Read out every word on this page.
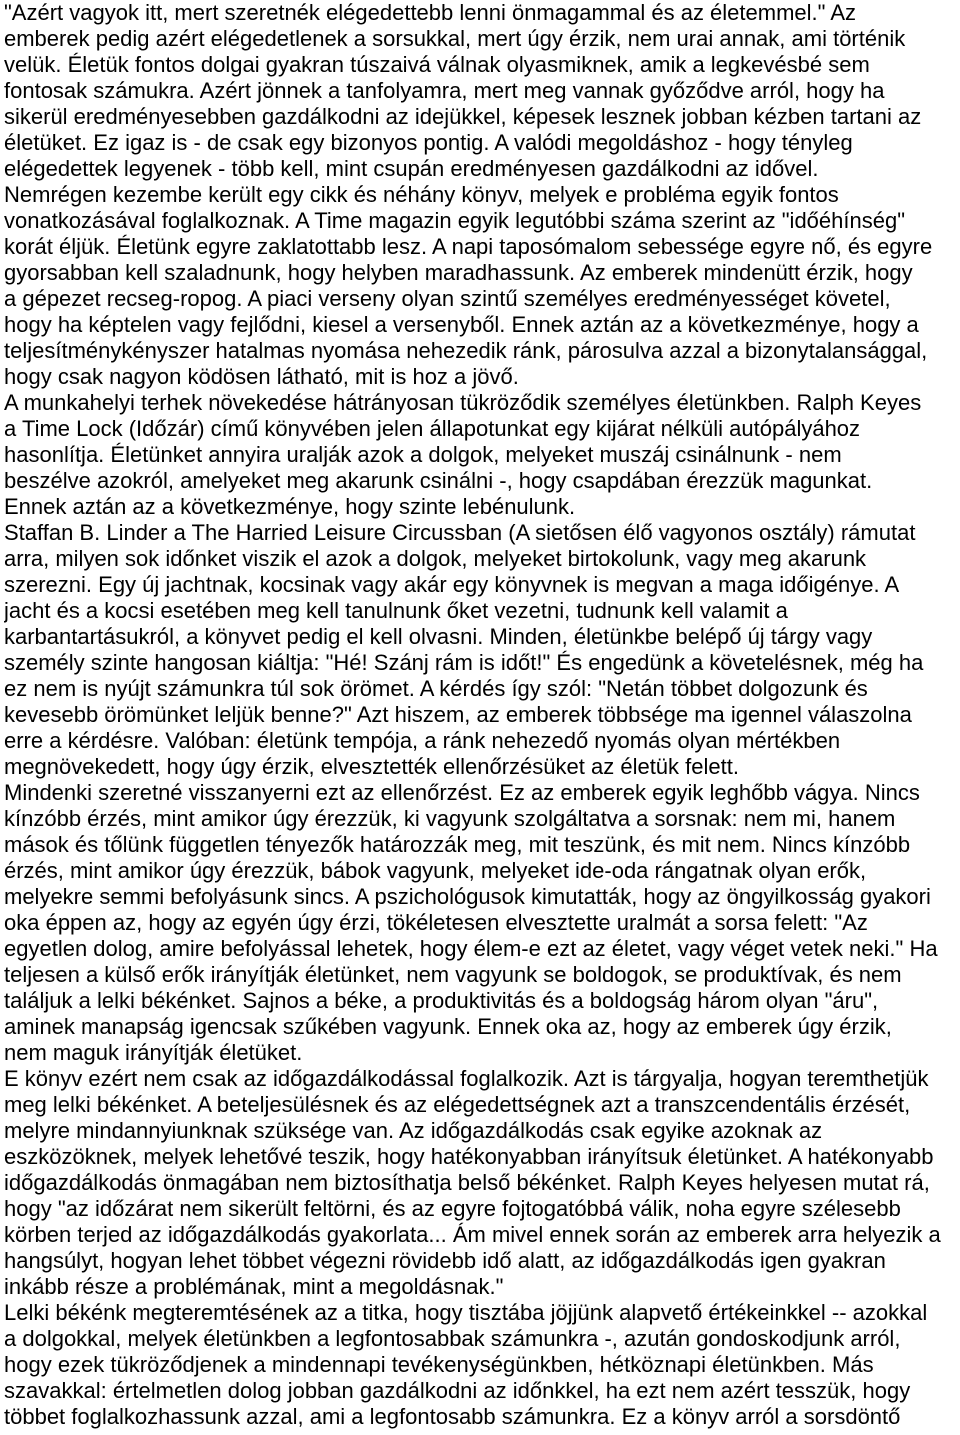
"Azért vagyok itt, mert szeretnék elégedettebb lenni önmagammal és az életemmel." Az
emberek pedig azért elégedetlenek a sorsukkal, mert úgy érzik, nem urai annak, ami történik
velük. Életük fontos dolgai gyakran túszaivá válnak olyasmiknek, amik a legkevésbé sem
fontosak számukra. Azért jönnek a tanfolyamra, mert meg vannak győződve arról, hogy ha
sikerül eredményesebben gazdálkodni az idejükkel, képesek lesznek jobban kézben tartani az
életüket. Ez igaz is - de csak egy bizonyos pontig. A valódi megoldáshoz - hogy tényleg
elégedettek legyenek - több kell, mint csupán eredményesen gazdálkodni az idővel.
Nemrégen kezembe került egy cikk és néhány könyv, melyek e probléma egyik fontos
vonatkozásával foglalkoznak. A Time magazin egyik legutóbbi száma szerint az "időéhínség"
korát éljük. Életünk egyre zaklatottabb lesz. A napi taposómalom sebessége egyre nő, és egyre
gyorsabban kell szaladnunk, hogy helyben maradhassunk. Az emberek mindenütt érzik, hogy
a gépezet recseg-ropog. A piaci verseny olyan szintű személyes eredményességet követel,
hogy ha képtelen vagy fejlődni, kiesel a versenyből. Ennek aztán az a következménye, hogy a
teljesítménykényszer hatalmas nyomása nehezedik ránk, párosulva azzal a bizonytalansággal,
hogy csak nagyon ködösen látható, mit is hoz a jövő.
A munkahelyi terhek növekedése hátrányosan tükröződik személyes életünkben. Ralph Keyes
a Time Lock (Időzár) című könyvében jelen állapotunkat egy kijárat nélküli autópályához
hasonlítja. Életünket annyira uralják azok a dolgok, melyeket muszáj csinálnunk - nem
beszélve azokról, amelyeket meg akarunk csinálni -, hogy csapdában érezzük magunkat.
Ennek aztán az a következménye, hogy szinte lebénulunk.
Staffan B. Linder a The Harried Leisure Circussban (A sietősen élő vagyonos osztály) rámutat
arra, milyen sok időnket viszik el azok a dolgok, melyeket birtokolunk, vagy meg akarunk
szerezni. Egy új jachtnak, kocsinak vagy akár egy könyvnek is megvan a maga időigénye. A
jacht és a kocsi esetében meg kell tanulnunk őket vezetni, tudnunk kell valamit a
karbantartásukról, a könyvet pedig el kell olvasni. Minden, életünkbe belépő új tárgy vagy
személy szinte hangosan kiáltja: "Hé! Szánj rám is időt!" És engedünk a követelésnek, még ha
ez nem is nyújt számunkra túl sok örömet. A kérdés így szól: "Netán többet dolgozunk és
kevesebb örömünket leljük benne?" Azt hiszem, az emberek többsége ma igennel válaszolna
erre a kérdésre. Valóban: életünk tempója, a ránk nehezedő nyomás olyan mértékben
megnövekedett, hogy úgy érzik, elvesztették ellenőrzésüket az életük felett.
Mindenki szeretné visszanyerni ezt az ellenőrzést. Ez az emberek egyik leghőbb vágya. Nincs
kínzóbb érzés, mint amikor úgy érezzük, ki vagyunk szolgáltatva a sorsnak: nem mi, hanem
mások és tőlünk független tényezők határozzák meg, mit teszünk, és mit nem. Nincs kínzóbb
érzés, mint amikor úgy érezzük, bábok vagyunk, melyeket ide-oda rángatnak olyan erők,
melyekre semmi befolyásunk sincs. A pszichológusok kimutatták, hogy az öngyilkosság gyakori
oka éppen az, hogy az egyén úgy érzi, tökéletesen elvesztette uralmát a sorsa felett: "Az
egyetlen dolog, amire befolyással lehetek, hogy élem-e ezt az életet, vagy véget vetek neki." Ha
teljesen a külső erők irányítják életünket, nem vagyunk se boldogok, se produktívak, és nem
találjuk a lelki békénket. Sajnos a béke, a produktivitás és a boldogság három olyan "áru",
aminek manapság igencsak szűkében vagyunk. Ennek oka az, hogy az emberek úgy érzik,
nem maguk irányítják életüket.
E könyv ezért nem csak az időgazdálkodással foglalkozik. Azt is tárgyalja, hogyan teremthetjük
meg lelki békénket. A beteljesülésnek és az elégedettségnek azt a transzcendentális érzését,
melyre mindannyiunknak szüksége van. Az időgazdálkodás csak egyike azoknak az
eszközöknek, melyek lehetővé teszik, hogy hatékonyabban irányítsuk életünket. A hatékonyabb
időgazdálkodás önmagában nem biztosíthatja belső békénket. Ralph Keyes helyesen mutat rá,
hogy "az időzárat nem sikerült feltörni, és az egyre fojtogatóbbá válik, noha egyre szélesebb
körben terjed az időgazdálkodás gyakorlata... Ám mivel ennek során az emberek arra helyezik a
hangsúlyt, hogyan lehet többet végezni rövidebb idő alatt, az időgazdálkodás igen gyakran
inkább része a problémának, mint a megoldásnak."
Lelki békénk megteremtésének az a titka, hogy tisztába jöjjünk alapvető értékeinkkel -- azokkal
a dolgokkal, melyek életünkben a legfontosabbak számunkra -, azután gondoskodjunk arról,
hogy ezek tükröződjenek a mindennapi tevékenységünkben, hétköznapi életünkben. Más
szavakkal: értelmetlen dolog jobban gazdálkodni az időnkkel, ha ezt nem azért tesszük, hogy
többet foglalkozhassunk azzal, ami a legfontosabb számunkra. Ez a könyv arról a sorsdöntő
